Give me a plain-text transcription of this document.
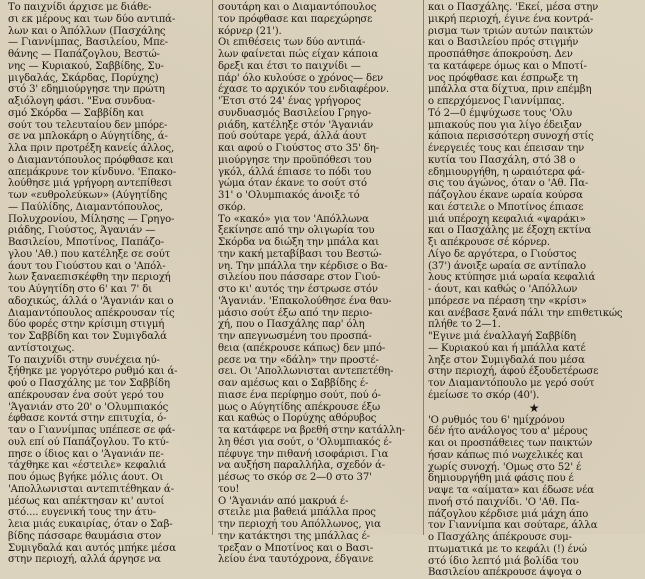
Το παιχνίδι άρχισε με διάθε-
σι εκ μέρους και των δύο αντιπά-
λων και ο Άπόλλων (Πασχάλης
— Γιαννίμπας, Βασιλείου, Μπε-
θάνης — Παπάζογλου, Βεστώ-
νης — Κυριακού, Σαββίδης, Συ-
μιγδαλάς, Σκάρδας, Πορύχης)
στό 3' εδημιούργησε την πρώτη
αξιόλογη φάσι. "Ενα συνδυα-
σμό Σκόρδα — Σαββίδη και
σούτ του τελευταίου δεν μπόρε-
σε να μπλοκάρη ο Αύγητίδης, ά-
λλα πριν προτρέξη κανείς άλλος,
ο Διαμαντόπουλος πρόφθασε και
απεμάκρυνε τον κίνδυνο. 'Επακο-
λούθησε μιά γρήγορη αντεπίθεσι
των «ευθρολεύκων» (Αύγητίδης
— Παύλίδης, Διαμαντόπουλος,
Πολυχρονίου, Μίλησης — Γρηγο-
ριάδης, Γιούστος, Άγανιάν —
Βασιλείου, Μποτίνος, Παπάζο-
γλου 'Αθ.) που κατέληξε σε σούτ
άουτ του Γιούστου και ο 'Απόλ-
λων ξαναεπισκέφθη την περιοχή
του Αύγητίδη στο 6' και 7' δι
αδοχικώς, άλλά ο 'Άγανιάν και ο
Διαμαντόπουλος απέκρουσαν τίς
δύο φορές στην κρίσιμη στιγμή
τον Σαββίδη και τον Συμιγδαλά
αντίστοιχως.
Το παιχνίδι στην συνέχεια ηύ-
ξήθηκε με γοργότερο ρυθμό και ά-
φού ο Πασχάλης με τον Σαββίδη
απέκρουσαν ένα σούτ γερό του
'Άγανιάν στο 20' ο 'Ολυμπιακός
έφθασε κοντά στην επιτυχία, ό-
ταν ο Γιαννίμπας υπέπεσε σε φά-
ουλ επί ού Παπάζογλου. Το κτύ-
πησε ο ίδιος και ο 'Άγανιάν πε-
τάχθηκε και «έστειλε» κεφαλιά
που όμως βγήκε μόλις άουτ. Οι
'Απολλωνισται αντεπιτέθηκαν ά-
μέσως και απέκτησαν κι' αυτοί
στό.... ευγενική τους την άτυ-
λεια μιάς ευκαιρίας, όταν ο Σαβ-
βίδης πάσσαρε θαυμάσια στον
Συμιγδαλά και αυτός μπήκε μέσα
στην περιοχή, αλλά άργησε να
σουτάρη και ο Διαμαντόπουλος
τον πρόφθασε και παρεχώρησε
κόρνερ (21').
Οι επιθέσεις των δύο αντιπά-
λων φαίνεται πώς είχαν κάποια
δρεξι και έτσι το παιχνίδι —
πάρ' όλο κυλούσε ο χρόνος— δεν
έχασε το αρχικόν του ενδιαφέρον.
'Έτσι στό 24' ένας γρήγορος
συνδυασμός Βασιλείου Γρηγο-
ριάδη, κατέληξε στόν 'Άγανιάν
πού σούταρε γερά, άλλά άουτ
και αφού ο Γιούστος στο 35' δη-
μιούργησε την προϋπόθεσι του
γκόλ, άλλά έπιασε το πόδι του
γώμα όταν έκανε το σούτ στό
31' ο 'Ολυμπιακός άνοιξε τό
σκόρ.
Το «κακό» για τον 'Απόλλωνα
ξεκίνησε από την ολιγωρία του
Σκόρδα να διώξη την μπάλα και
την κακή μεταβίβασι του Βεστώ-
νη. Την μπάλλα την κέρδισε ο Βα-
σιλείου που πάσσαρε στον Γιού-
στο κι' αυτός την έστρωσε στόν
'Άγανιάν. 'Επακολούθησε ένα θαυ-
μάσιο σούτ έξω από την περιο-
χή, που ο Πασχάλης παρ' όλη
την απεγνωσμένη του προσπά-
θεια (απέκρουσε κάπως) δεν μπό-
ρεσε να την «δάλη» την προστέ-
σει. Οι 'Απολλωνισται αντεπετέθη-
σαν αμέσως και ο Σαββίδης έ-
πιασε ένα περίφημο σούτ, πού ό-
μως ο Αύγητίδης απέκρουσε έξω
και καθώς ο Πορύχης αθόρυβος
τα κατάφερε να βρεθή στην κατάλλη-
λη θέσι για σούτ, ο 'Ολυμπιακός έ-
πέφυγε την πιθανή ισοφάρισι. Για
να αυξήση παραλλήλα, σχεδόν ά-
μέσως το σκόρ σε 2—0 στο 37'
του!
Ο 'Άγανιάν από μακρυά έ-
στειλε μια βαθειά μπάλλα προς
την περιοχή του Απόλλωνος, για
την κατάκτησι της μπάλλας έ-
τρεξαν ο Μποτίνος και ο Βασι-
λείου ένα ταυτόχρονα, έδγαινε
και ο Πασχάλης. 'Εκεί, μέσα στην
μικρή περιοχή, έγινε ένα κοντρά-
ρισμα των τριών αυτών παικτών
και ο Βασιλείου πρός στιγμήν
προσπάθησε άποκρούση. Δεν
τα κατάφερε όμως και ο Μποτί-
νος πρόφθασε και έσπρωξε τη
μπάλλα στα δίχτυα, πριν επέμβη
ο επερχόμενος Γιαννίμπας.
Τό 2—0 έμψύχωσε τους 'Ολυ
μπιακούς που για λίγο έδειξαν
κάποια περισσότερη συνοχή στίς
ένεργειές τους και έπεισαν την
κυτία του Πασχάλη, στό 38 ο
εδημιουργήθη, η ωραιότερα φά-
σις του άγώνος, όταν ο 'Αθ. Πα-
πάζογλου έκανε ωραία κούρσα
και έστειλε ο Μποτίνος έπιασε
μιά υπέροχη κεφαλιά «ψαράκι»
και ο Πασχάλης με έξοχη εκτίνα
ξι απέκρουσε σέ κόρνερ.
Λίγο δε αργότερα, ο Γιούστος
(37') άνοιξε ωραία σε αντίπαλο
λους κτύπησε μιά ωραία κεφαλιά
- άουτ, και καθώς ο 'Απόλλων
μπόρεσε να πέραση την «κρίσι»
και ανέβασε ξανά πάλι την επιθετικώς
πλήθε το 2—1.
"Εγινε μιά έναλλαγή Σαββίδη
— Κυριακού και ή μπάλλα κατέ
ληξε στον Συμιγδαλά που μέσα
στην περιοχή, άφού έξουδετέρωσε
τον Διαμαντόπουλο με γερό σούτ
έμείωσε το σκόρ (40').
★
'Ο ρυθμός του 6' ημίχρόνου
δέν ήτο ανάλογος του α' μέρους
και οι προσπάθειες των παικτών
ήσαν κάπως πιό νωχελικές και
χωρίς συνοχή. 'Ομως στο 52' έ
δημιουργήθη μιά φάσις που έ
ναψε τα «αίματα» και έδωσε νέα
πνοή στό παιχνίδι. 'Ο 'Αθ. Πα-
πάζογλου κέρδισε μιά μάχη άπο
τον Γιαννίμπα και σούταρε, άλλα
ο Πασχάλης άπέκρουσε συμ-
πτωματικά με το κεφάλι (!) ένώ
στό ίδιο λεπτό μιά βολίδα του
Βασιλείου απέκρουσε άψογα ο
